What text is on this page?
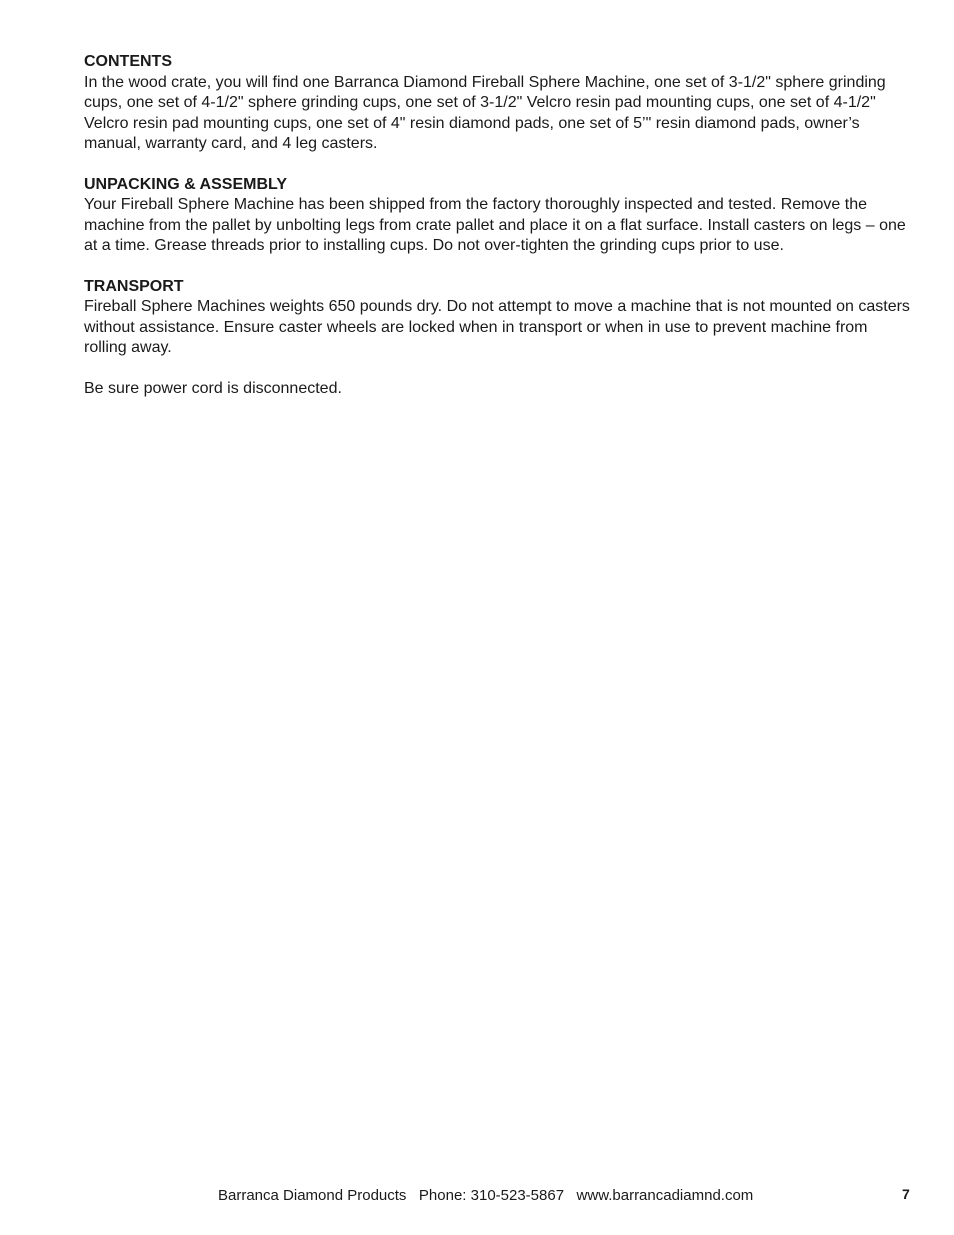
CONTENTS

In the wood crate, you will find one Barranca Diamond Fireball Sphere Machine, one set of 3-1/2" sphere grinding cups, one set of 4-1/2" sphere grinding cups, one set of 3-1/2" Velcro resin pad mounting cups, one set of 4-1/2" Velcro resin pad mounting cups, one set of 4" resin diamond pads, one set of 5’" resin diamond pads, owner’s manual, warranty card, and 4 leg casters.

UNPACKING & ASSEMBLY

Your Fireball Sphere Machine has been shipped from the factory thoroughly inspected and tested. Remove the machine from the pallet by unbolting legs from crate pallet and place it on a flat surface. Install casters on legs – one at a time. Grease threads prior to installing cups. Do not over-tighten the grinding cups prior to use.

TRANSPORT

Fireball Sphere Machines weights 650 pounds dry. Do not attempt to move a machine that is not mounted on casters without assistance. Ensure caster wheels are locked when in transport or when in use to prevent machine from rolling away.

Be sure power cord is disconnected.

Barranca Diamond Products   Phone: 310-523-5867   www.barrancadiamnd.com	7
